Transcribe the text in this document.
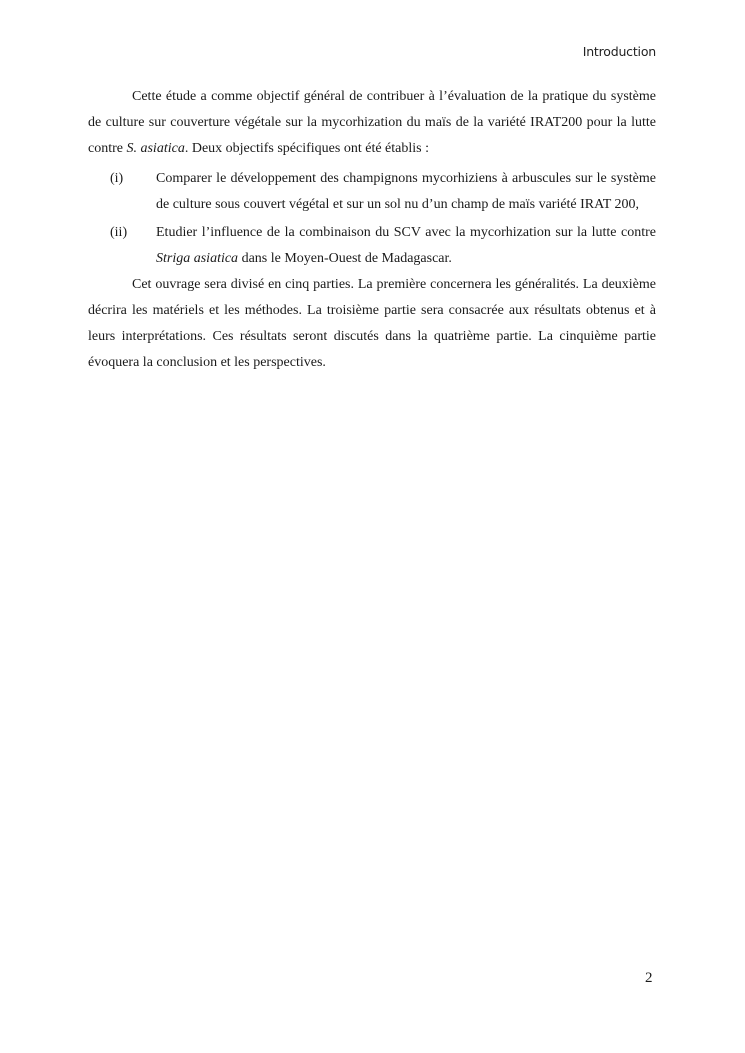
Introduction

Cette étude a comme objectif général de contribuer à l’évaluation de la pratique du système de culture sur couverture végétale sur la mycorhization du maïs de la variété IRAT200 pour la lutte contre S. asiatica. Deux objectifs spécifiques ont été établis :

(i)	Comparer le développement des champignons mycorhiziens à arbuscules sur le système de culture sous couvert végétal et sur un sol nu d’un champ de maïs variété IRAT 200,
(ii)	Etudier l’influence de la combinaison du SCV avec la mycorhization sur la lutte contre Striga asiatica dans le Moyen-Ouest de Madagascar.

Cet ouvrage sera divisé en cinq parties. La première concernera les généralités. La deuxième décrira les matériels et les méthodes. La troisième partie sera consacrée aux résultats obtenus et à leurs interprétations. Ces résultats seront discutés dans la quatrième partie. La cinquième partie évoquera la conclusion et les perspectives.

2
